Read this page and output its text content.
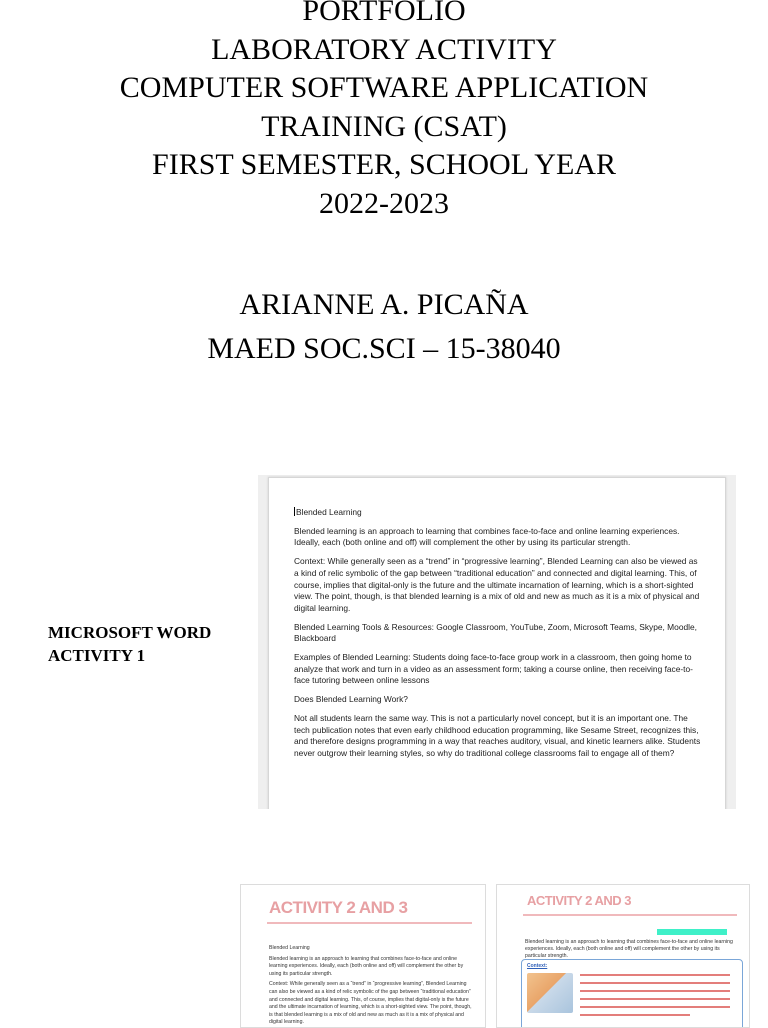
PORTFOLIO
LABORATORY ACTIVITY
COMPUTER SOFTWARE APPLICATION
TRAINING (CSAT)
FIRST SEMESTER, SCHOOL YEAR
2022-2023
ARIANNE A. PICAÑA
MAED SOC.SCI – 15-38040
MICROSOFT WORD
ACTIVITY 1

Blended Learning

Blended learning is an approach to learning that combines face-to-face and online learning experiences. Ideally, each (both online and off) will complement the other by using its particular strength.

Context: While generally seen as a “trend” in “progressive learning”, Blended Learning can also be viewed as a kind of relic symbolic of the gap between “traditional education” and connected and digital learning. This, of course, implies that digital-only is the future and the ultimate incarnation of learning, which is a short-sighted view. The point, though, is that blended learning is a mix of old and new as much as it is a mix of physical and digital learning.

Blended Learning Tools & Resources: Google Classroom, YouTube, Zoom, Microsoft Teams, Skype, Moodle, Blackboard

Examples of Blended Learning: Students doing face-to-face group work in a classroom, then going home to analyze that work and turn in a video as an assessment form; taking a course online, then receiving face-to-face tutoring between online lessons

Does Blended Learning Work?

Not all students learn the same way. This is not a particularly novel concept, but it is an important one. The tech publication notes that even early childhood education programming, like Sesame Street, recognizes this, and therefore designs programming in a way that reaches auditory, visual, and kinetic learners alike. Students never outgrow their learning styles, so why do traditional college classrooms fail to engage all of them?

ACTIVITY 2 AND 3

Blended Learning

Blended learning is an approach to learning that combines face-to-face and online learning experiences. Ideally, each (both online and off) will complement the other by using its particular strength.

Context: While generally seen as a “trend” in “progressive learning”, Blended Learning can also be viewed as a kind of relic symbolic of the gap between “traditional education” and connected and digital learning. This, of course, implies that digital-only is the future and the ultimate incarnation of learning, which is a short-sighted view. The point, though, is that blended learning is a mix of old and new as much as it is a mix of physical and digital learning.

ACTIVITY 2 AND 3
Blended learning is an approach to learning that combines face-to-face and online learning experiences. Ideally, each (both online and off) will complement the other by using its particular strength.
Context:
